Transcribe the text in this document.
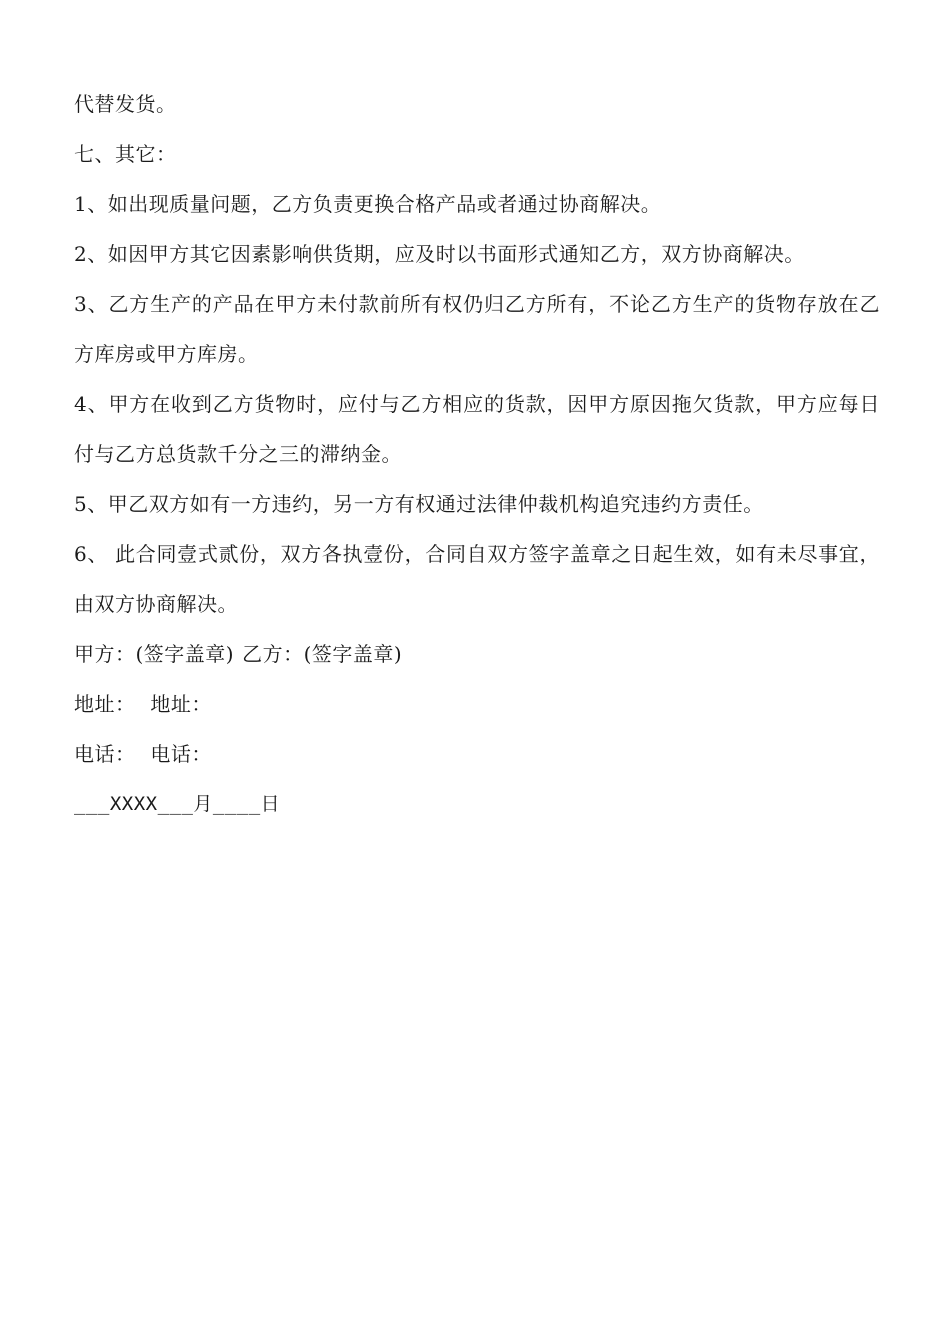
代替发货。

七、其它：

1、如出现质量问题，乙方负责更换合格产品或者通过协商解决。

2、如因甲方其它因素影响供货期，应及时以书面形式通知乙方，双方协商解决。

3、乙方生产的产品在甲方未付款前所有权仍归乙方所有，不论乙方生产的货物存放在乙方库房或甲方库房。

4、甲方在收到乙方货物时，应付与乙方相应的货款，因甲方原因拖欠货款，甲方应每日付与乙方总货款千分之三的滞纳金。

5、甲乙双方如有一方违约，另一方有权通过法律仲裁机构追究违约方责任。

6、 此合同壹式贰份，双方各执壹份，合同自双方签字盖章之日起生效，如有未尽事宜，由双方协商解决。

甲方：(签字盖章) 乙方：(签字盖章)

地址： 地址：

电话： 电话：

___XXXX___月____日
